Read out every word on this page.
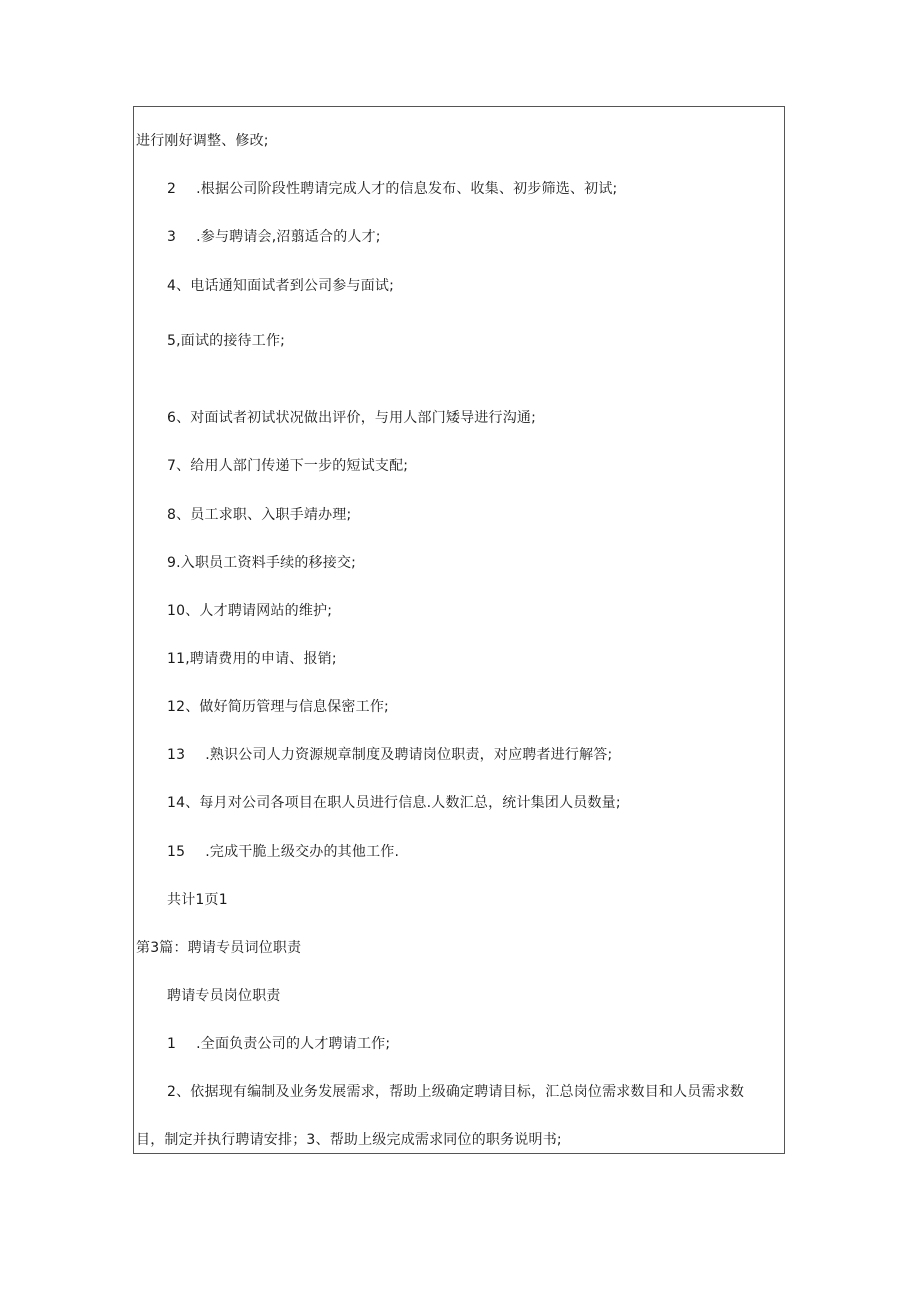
进行刚好调整、修改;
2 .根据公司阶段性聘请完成人才的信息发布、收集、初步筛选、初试;
3 .参与聘请会,沼翦适合的人才;
4、电话通知面试者到公司参与面试;
5,面试的接待工作;
6、对面试者初试状况做出评价，与用人部门矮导进行沟通;
7、给用人部门传递下一步的短试支配;
8、员工求职、入职手靖办理;
9.入职员工资料手续的移接交;
10、人才聘请网站的维护;
11,聘请费用的申请、报销;
12、做好简历管理与信息保密工作;
13 .熟识公司人力资源规章制度及聘请岗位职责，对应聘者进行解答;
14、每月对公司各项目在职人员进行信息.人数汇总，统计集团人员数量;
15 .完成干脆上级交办的其他工作.
共计1页1
第3篇：聘请专员词位职责
聘请专员岗位职责
1 .全面负责公司的人才聘请工作;
2、依据现有编制及业务发展需求，帮助上级确定聘请目标，汇总岗位需求数目和人员需求数
目，制定并执行聘请安排；3、帮助上级完成需求同位的职务说明书;
